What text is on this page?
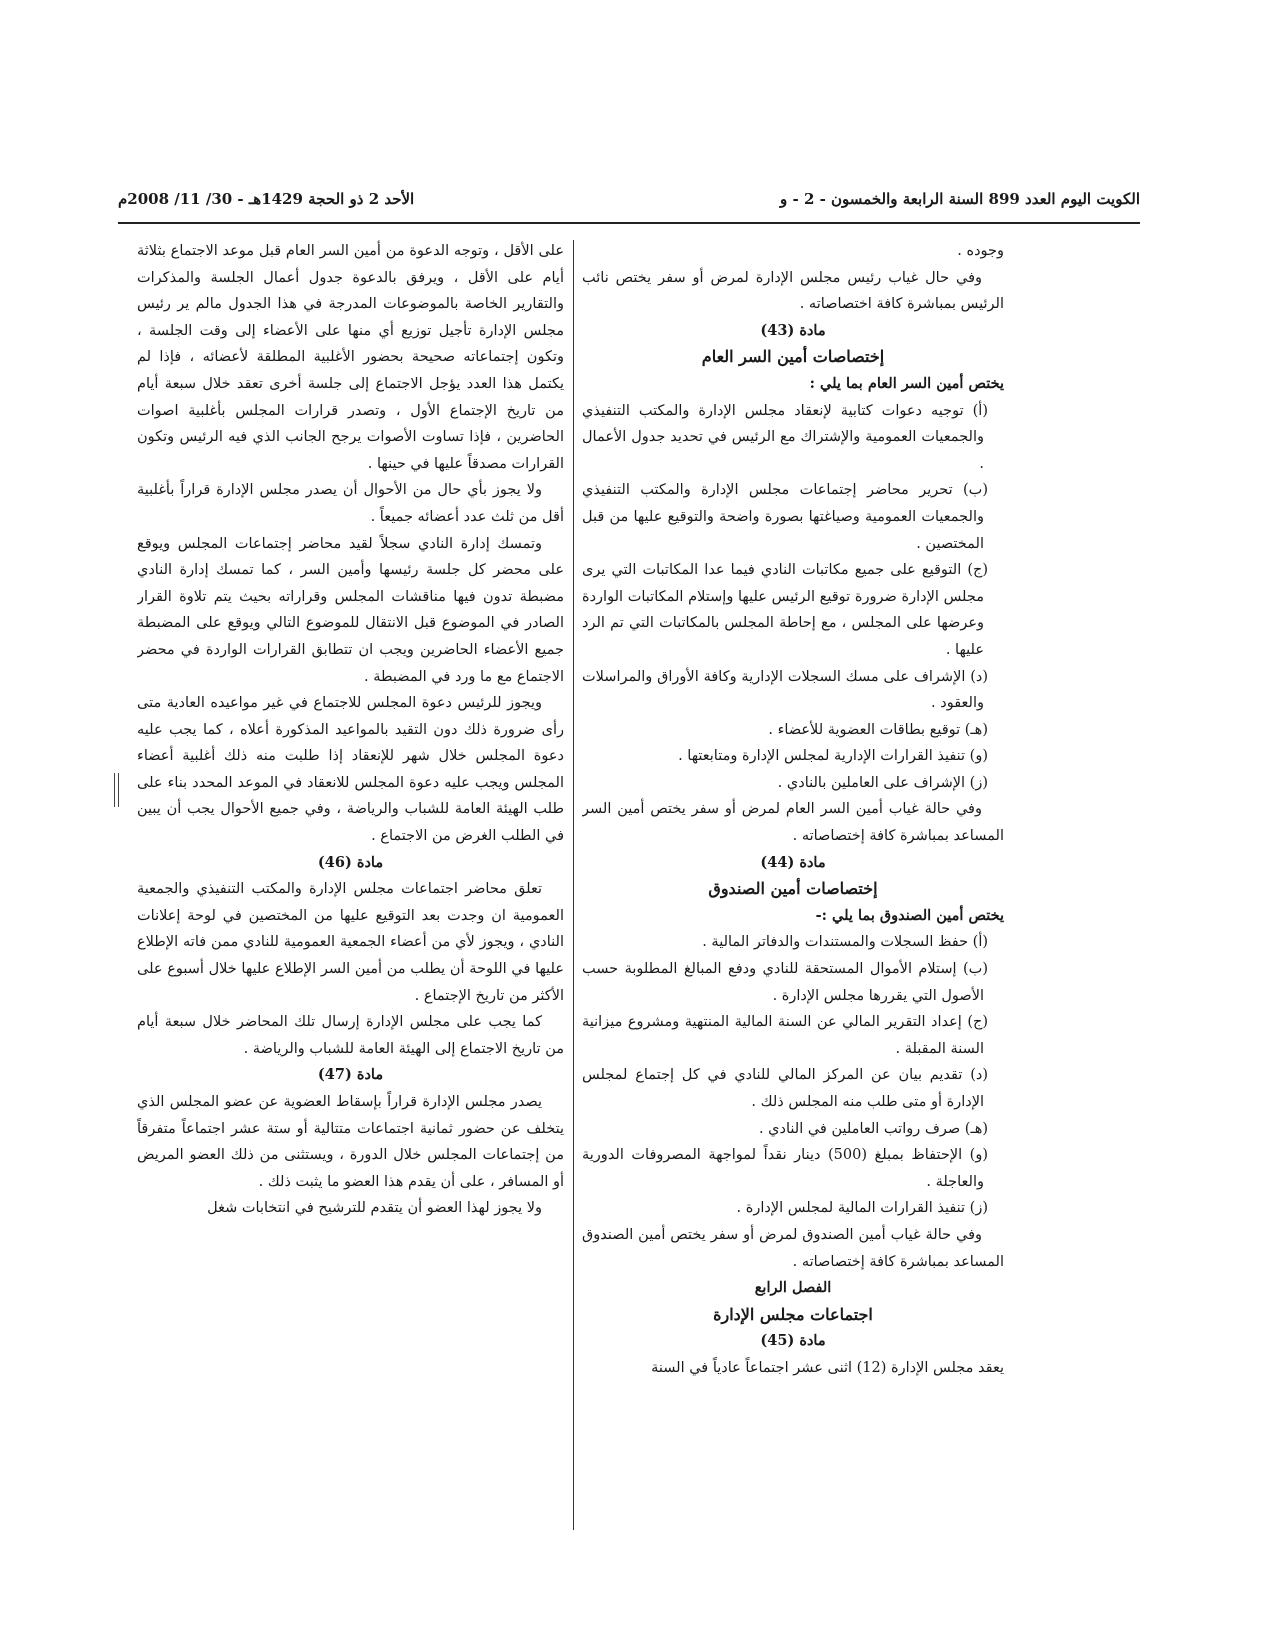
الكويت اليوم العدد 899 السنة الرابعة والخمسون - 2 - و
الأحد 2 ذو الحجة 1429هـ - 30/ 11/ 2008م

وجوده .

وفي حال غياب رئيس مجلس الإدارة لمرض أو سفر يختص نائب الرئيس بمباشرة كافة اختصاصاته .

مادة (43)

إختصاصات أمين السر العام

يختص أمين السر العام بما يلي :

(أ) توجيه دعوات كتابية لإنعقاد مجلس الإدارة والمكتب التنفيذي والجمعيات العمومية والإشتراك مع الرئيس في تحديد جدول الأعمال .

(ب) تحرير محاضر إجتماعات مجلس الإدارة والمكتب التنفيذي والجمعيات العمومية وصياغتها بصورة واضحة والتوقيع عليها من قبل المختصين .

(ج) التوقيع على جميع مكاتبات النادي فيما عدا المكاتبات التي يرى مجلس الإدارة ضرورة توقيع الرئيس عليها وإستلام المكاتبات الواردة وعرضها على المجلس ، مع إحاطة المجلس بالمكاتبات التي تم الرد عليها .

(د) الإشراف على مسك السجلات الإدارية وكافة الأوراق والمراسلات والعقود .

(هـ) توقيع بطاقات العضوية للأعضاء .

(و) تنفيذ القرارات الإدارية لمجلس الإدارة ومتابعتها .

(ز) الإشراف على العاملين بالنادي .

وفي حالة غياب أمين السر العام لمرض أو سفر يختص أمين السر المساعد بمباشرة كافة إختصاصاته .

مادة (44)

إختصاصات أمين الصندوق

يختص أمين الصندوق بما يلي :-

(أ) حفظ السجلات والمستندات والدفاتر المالية .

(ب) إستلام الأموال المستحقة للنادي ودفع المبالغ المطلوبة حسب الأصول التي يقررها مجلس الإدارة .

(ج) إعداد التقرير المالي عن السنة المالية المنتهية ومشروع ميزانية السنة المقبلة .

(د) تقديم بيان عن المركز المالي للنادي في كل إجتماع لمجلس الإدارة أو متى طلب منه المجلس ذلك .

(هـ) صرف رواتب العاملين في النادي .

(و) الإحتفاظ بمبلغ (500) دينار نقداً لمواجهة المصروفات الدورية والعاجلة .

(ز) تنفيذ القرارات المالية لمجلس الإدارة .

وفي حالة غياب أمين الصندوق لمرض أو سفر يختص أمين الصندوق المساعد بمباشرة كافة إختصاصاته .

الفصل الرابع

اجتماعات مجلس الإدارة

مادة (45)

يعقد مجلس الإدارة (12) اثنى عشر اجتماعاً عادياً في السنة

على الأقل ، وتوجه الدعوة من أمين السر العام قبل موعد الاجتماع بثلاثة أيام على الأقل ، ويرفق بالدعوة جدول أعمال الجلسة والمذكرات والتقارير الخاصة بالموضوعات المدرجة في هذا الجدول مالم ير رئيس مجلس الإدارة تأجيل توزيع أي منها على الأعضاء إلى وقت الجلسة ، وتكون إجتماعاته صحيحة بحضور الأغلبية المطلقة لأعضائه ، فإذا لم يكتمل هذا العدد يؤجل الاجتماع إلى جلسة أخرى تعقد خلال سبعة أيام من تاريخ الإجتماع الأول ، وتصدر قرارات المجلس بأغلبية اصوات الحاضرين ، فإذا تساوت الأصوات يرجح الجانب الذي فيه الرئيس وتكون القرارات مصدقاً عليها في حينها .

ولا يجوز بأي حال من الأحوال أن يصدر مجلس الإدارة قراراً بأغلبية أقل من ثلث عدد أعضائه جميعاً .

وتمسك إدارة النادي سجلاً لقيد محاضر إجتماعات المجلس ويوقع على محضر كل جلسة رئيسها وأمين السر ، كما تمسك إدارة النادي مضبطة تدون فيها مناقشات المجلس وقراراته بحيث يتم تلاوة القرار الصادر في الموضوع قبل الانتقال للموضوع التالي ويوقع على المضبطة جميع الأعضاء الحاضرين ويجب ان تتطابق القرارات الواردة في محضر الاجتماع مع ما ورد في المضبطة .

ويجوز للرئيس دعوة المجلس للاجتماع في غير مواعيده العادية متى رأى ضرورة ذلك دون التقيد بالمواعيد المذكورة أعلاه ، كما يجب عليه دعوة المجلس خلال شهر للإنعقاد إذا طلبت منه ذلك أغلبية أعضاء المجلس ويجب عليه دعوة المجلس للانعقاد في الموعد المحدد بناء على طلب الهيئة العامة للشباب والرياضة ، وفي جميع الأحوال يجب أن يبين في الطلب الغرض من الاجتماع .

مادة (46)

تعلق محاضر اجتماعات مجلس الإدارة والمكتب التنفيذي والجمعية العمومية ان وجدت بعد التوقيع عليها من المختصين في لوحة إعلانات النادي ، ويجوز لأي من أعضاء الجمعية العمومية للنادي ممن فاته الإطلاع عليها في اللوحة أن يطلب من أمين السر الإطلاع عليها خلال أسبوع على الأكثر من تاريخ الإجتماع .

كما يجب على مجلس الإدارة إرسال تلك المحاضر خلال سبعة أيام من تاريخ الاجتماع إلى الهيئة العامة للشباب والرياضة .

مادة (47)

يصدر مجلس الإدارة قراراً بإسقاط العضوية عن عضو المجلس الذي يتخلف عن حضور ثمانية اجتماعات متتالية أو ستة عشر اجتماعاً متفرقاً من إجتماعات المجلس خلال الدورة ، ويستثنى من ذلك العضو المريض أو المسافر ، على أن يقدم هذا العضو ما يثبت ذلك .

ولا يجوز لهذا العضو أن يتقدم للترشيح في انتخابات شغل
